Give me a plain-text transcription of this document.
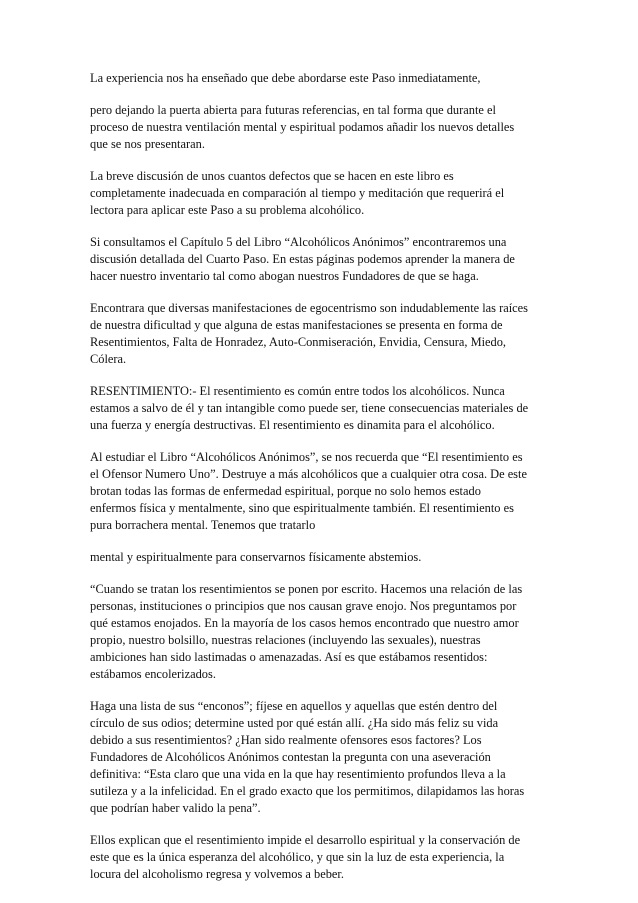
La experiencia nos ha enseñado que debe abordarse este Paso inmediatamente,

pero dejando la puerta abierta para futuras referencias, en tal forma que durante el
proceso de nuestra ventilación mental y espiritual podamos añadir los nuevos detalles
que se nos presentaran.

La breve discusión de unos cuantos defectos que se hacen en este libro es
completamente inadecuada en comparación al tiempo y meditación que requerirá el
lectora para aplicar este Paso a su problema alcohólico.

Si consultamos el Capítulo 5 del Libro “Alcohólicos Anónimos” encontraremos una
discusión detallada del Cuarto Paso. En estas páginas podemos aprender la manera de
hacer nuestro inventario tal como abogan nuestros Fundadores de que se haga.

Encontrara que diversas manifestaciones de egocentrismo son indudablemente las raíces
de nuestra dificultad y que alguna de estas manifestaciones se presenta en forma de
Resentimientos, Falta de Honradez, Auto-Conmiseración, Envidia, Censura, Miedo,
Cólera.

RESENTIMIENTO:- El resentimiento es común entre todos los alcohólicos. Nunca
estamos a salvo de él y tan intangible como puede ser, tiene consecuencias materiales de
una fuerza y energía destructivas. El resentimiento es dinamita para el alcohólico.

Al estudiar el Libro “Alcohólicos Anónimos”, se nos recuerda que “El resentimiento es
el Ofensor Numero Uno”. Destruye a más alcohólicos que a cualquier otra cosa. De este
brotan todas las formas de enfermedad espiritual, porque no solo hemos estado
enfermos física y mentalmente, sino que espiritualmente también. El resentimiento es
pura borrachera mental. Tenemos que tratarlo

mental y espiritualmente para conservarnos físicamente abstemios.

“Cuando se tratan los resentimientos se ponen por escrito. Hacemos una relación de las
personas, instituciones o principios que nos causan grave enojo. Nos preguntamos por
qué estamos enojados. En la mayoría de los casos hemos encontrado que nuestro amor
propio, nuestro bolsillo, nuestras relaciones (incluyendo las sexuales), nuestras
ambiciones han sido lastimadas o amenazadas. Así es que estábamos resentidos:
estábamos encolerizados.

Haga una lista de sus “enconos”; fíjese en aquellos y aquellas que estén dentro del
círculo de sus odios; determine usted por qué están allí. ¿Ha sido más feliz su vida
debido a sus resentimientos? ¿Han sido realmente ofensores esos factores? Los
Fundadores de Alcohólicos Anónimos contestan la pregunta con una aseveración
definitiva: “Esta claro que una vida en la que hay resentimiento profundos lleva a la
sutileza y a la infelicidad. En el grado exacto que los permitimos, dilapidamos las horas
que podrían haber valido la pena”.

Ellos explican que el resentimiento impide el desarrollo espiritual y la conservación de
este que es la única esperanza del alcohólico, y que sin la luz de esta experiencia, la
locura del alcoholismo regresa y volvemos a beber.
